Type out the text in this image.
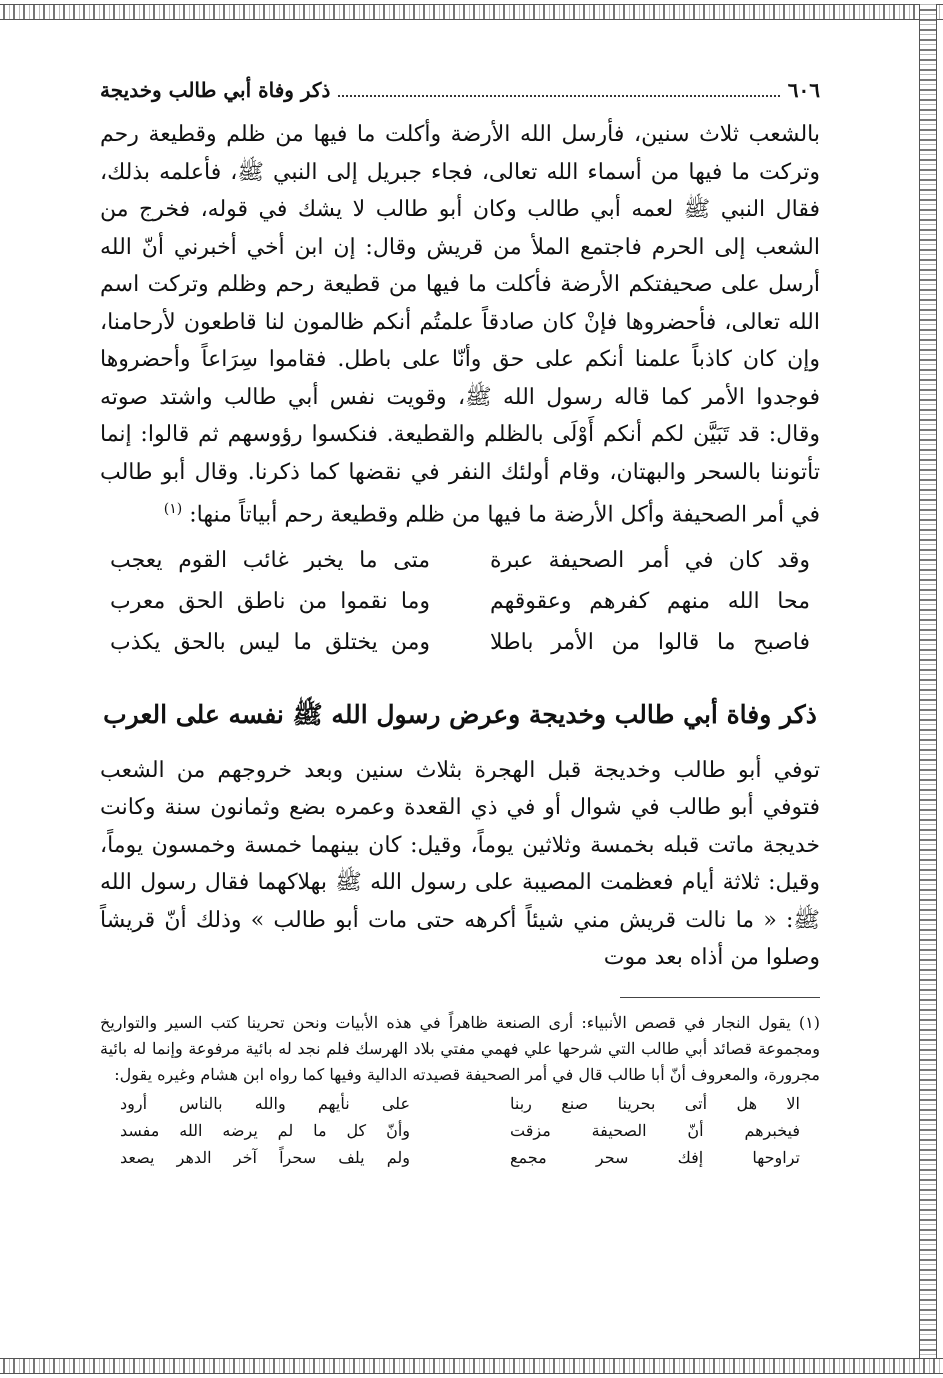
٦٠٦
ذكر وفاة أبي طالب وخديجة

بالشعب ثلاث سنين، فأرسل الله الأرضة وأكلت ما فيها من ظلم وقطيعة رحم وتركت ما فيها من أسماء الله تعالى، فجاء جبريل إلى النبي ﷺ، فأعلمه بذلك، فقال النبي ﷺ لعمه أبي طالب وكان أبو طالب لا يشك في قوله، فخرج من الشعب إلى الحرم فاجتمع الملأ من قريش وقال: إن ابن أخي أخبرني أنّ الله أرسل على صحيفتكم الأرضة فأكلت ما فيها من قطيعة رحم وظلم وتركت اسم الله تعالى، فأحضروها فإنْ كان صادقاً علمتُم أنكم ظالمون لنا قاطعون لأرحامنا، وإن كان كاذباً علمنا أنكم على حق وأنّا على باطل. فقاموا سِرَاعاً وأحضروها فوجدوا الأمر كما قاله رسول الله ﷺ، وقويت نفس أبي طالب واشتد صوته وقال: قد تَبَيَّن لكم أنكم أَوْلَى بالظلم والقطيعة. فنكسوا رؤوسهم ثم قالوا: إنما تأتوننا بالسحر والبهتان، وقام أولئك النفر في نقضها كما ذكرنا. وقال أبو طالب في أمر الصحيفة وأكل الأرضة ما فيها من ظلم وقطيعة رحم أبياتاً منها: $^{(١)}$

وقد كان في أمر الصحيفة عبرة
متى ما يخبر غائب القوم يعجب
محا الله منهم كفرهم وعقوقهم
وما نقموا من ناطق الحق معرب
فاصبح ما قالوا من الأمر باطلا
ومن يختلق ما ليس بالحق يكذب
ذكر وفاة أبي طالب وخديجة وعرض رسول الله ﷺ نفسه على العرب

توفي أبو طالب وخديجة قبل الهجرة بثلاث سنين وبعد خروجهم من الشعب فتوفي أبو طالب في شوال أو في ذي القعدة وعمره بضع وثمانون سنة وكانت خديجة ماتت قبله بخمسة وثلاثين يوماً، وقيل: كان بينهما خمسة وخمسون يوماً، وقيل: ثلاثة أيام فعظمت المصيبة على رسول الله ﷺ بهلاكهما فقال رسول الله ﷺ: « ما نالت قريش مني شيئاً أكرهه حتى مات أبو طالب » وذلك أنّ قريشاً وصلوا من أذاه بعد موت

(١) يقول النجار في قصص الأنبياء: أرى الصنعة ظاهراً في هذه الأبيات ونحن تحرينا كتب السير والتواريخ ومجموعة قصائد أبي طالب التي شرحها علي فهمي مفتي بلاد الهرسك فلم نجد له بائية مرفوعة وإنما له بائية مجرورة، والمعروف أنّ أبا طالب قال في أمر الصحيفة قصيدته الدالية وفيها كما رواه ابن هشام وغيره يقول:

الا هل أتى بحرينا صنع ربنا
على نأيهم والله بالناس أرود
فيخبرهم أنّ الصحيفة مزقت
وأنّ كل ما لم يرضه الله مفسد
تراوحها إفك سحر مجمع
ولم يلف سحراً آخر الدهر يصعد
